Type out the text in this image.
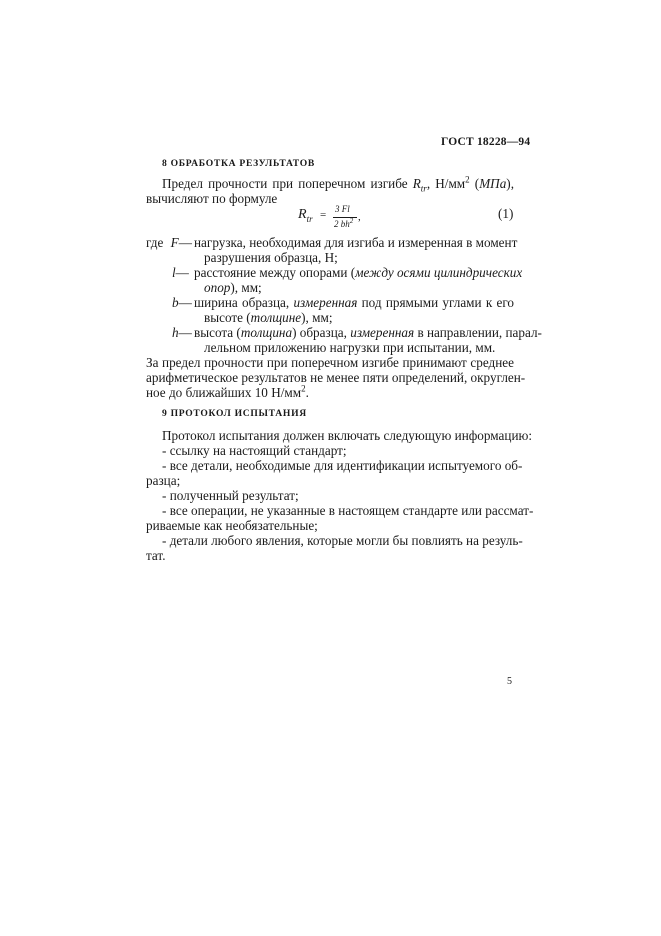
ГОСТ 18228—94
8 ОБРАБОТКА РЕЗУЛЬТАТОВ
Предел прочности при поперечном изгибе $R_{tr}$, $Н/мм^2$ (МПа),
вычисляют по формуле
$R_{tr} = 3$ Fl
2 $bh^2$ ,	(1)
где F— нагрузка, необходимая для изгиба и измеренная в момент
разрушения образца, Н;
l— расстояние между опорами (между осями цилиндрических
опор), мм;
b— ширина образца, измеренная под прямыми углами к его
высоте (толщине), мм;
h— высота (толщина) образца, измеренная в направлении, парал-
лельном приложению нагрузки при испытании, мм.
За предел прочности при поперечном изгибе принимают среднее
арифметическое результатов не менее пяти определений, округлен-
ное до ближайших 10 $Н/мм^2$.
9 ПРОТОКОЛ ИСПЫТАНИЯ
Протокол испытания должен включать следующую информацию:
- ссылку на настоящий стандарт;
- все детали, необходимые для идентификации испытуемого об-
разца;
- полученный результат;
- все операции, не указанные в настоящем стандарте или рассмат-
риваемые как необязательные;
- детали любого явления, которые могли бы повлиять на резуль-
тат.
5
